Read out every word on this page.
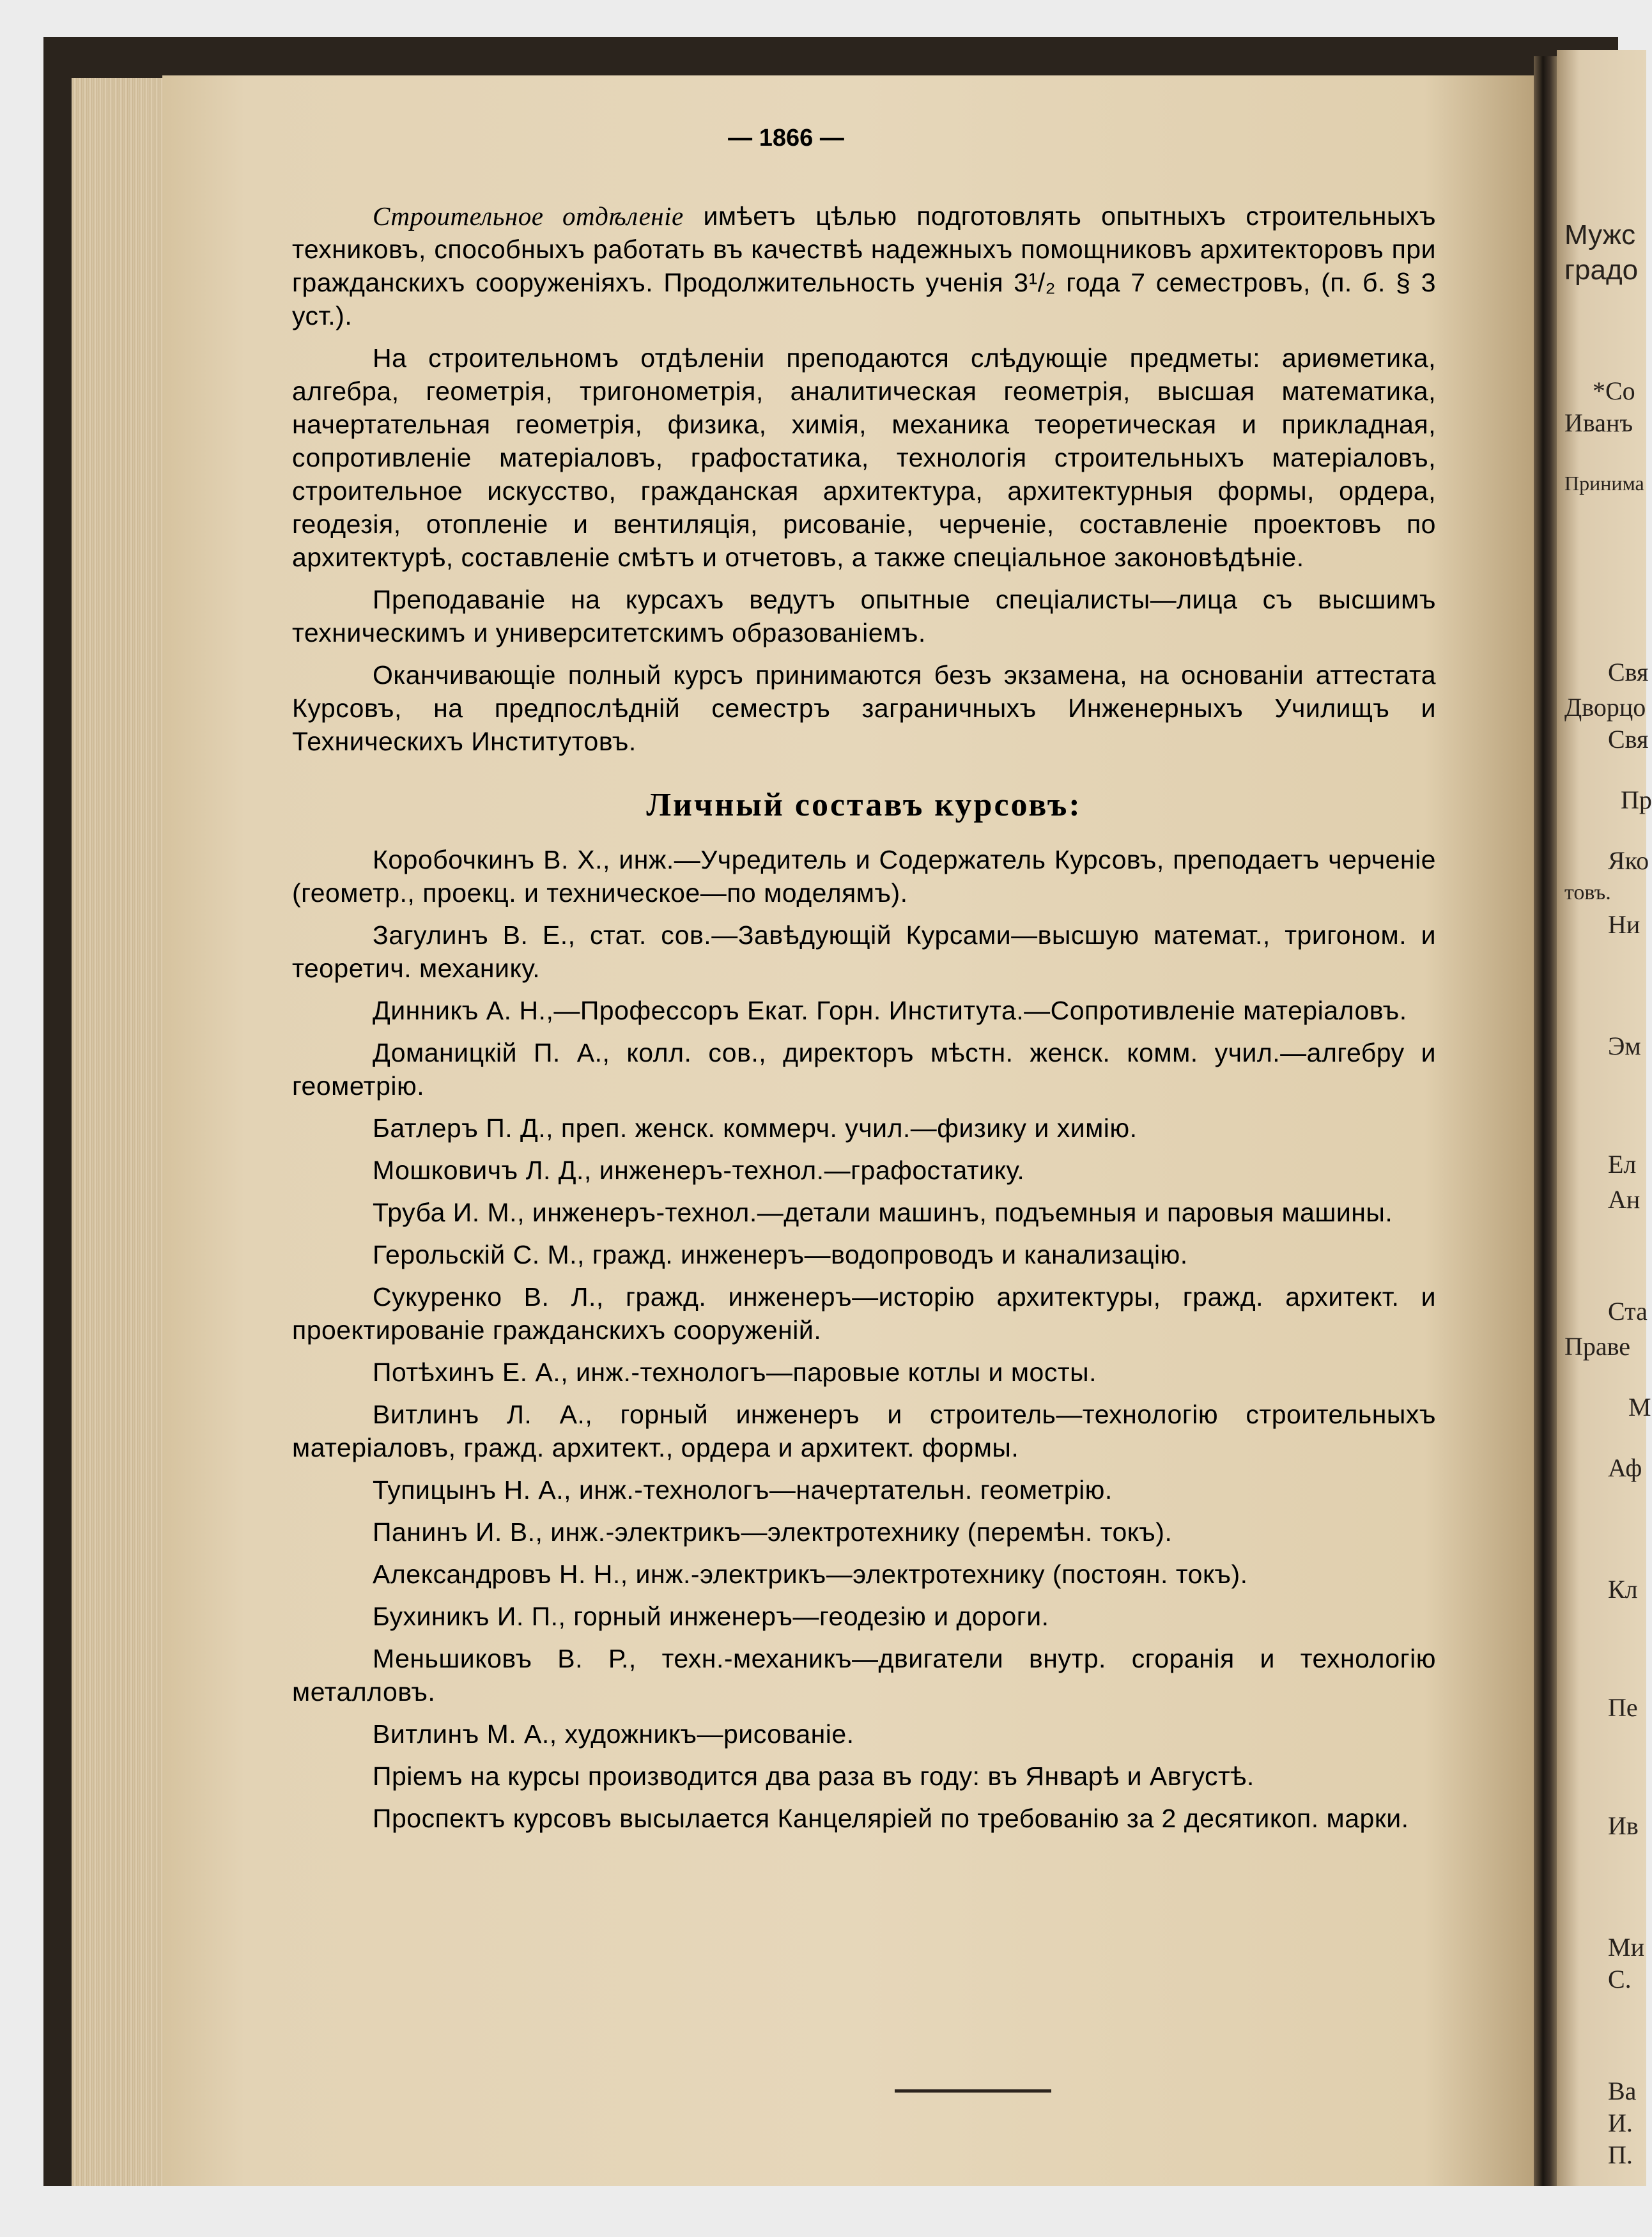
Мужс
градо
*Со
Иванъ
Принима
Свя
Дворцо
Свя
Пр
Яко
товъ.
Ни
Эм
Ел
Ан
Ста
Праве
М
Аф
Кл
Пе
Ив
Ми
С.
Ва
И.
П.
— 1866 —

Строительное отдѣленіе имѣетъ цѣлью подготовлять опытныхъ строительныхъ техниковъ, способныхъ работать въ качествѣ надежныхъ помощниковъ архитекторовъ при гражданскихъ сооруженіяхъ. Продолжительность ученія 3¹/₂ года 7 семестровъ, (п. б. § 3 уст.).

На строительномъ отдѣленіи преподаются слѣдующіе предметы: ариѳметика, алгебра, геометрія, тригонометрія, аналитическая геометрія, высшая математика, начертательная геометрія, физика, химія, механика теоретическая и прикладная, сопротивленіе матеріаловъ, графостатика, технологія строительныхъ матеріаловъ, строительное искусство, гражданская архитектура, архитектурныя формы, ордера, геодезія, отопленіе и вентиляція, рисованіе, черченіе, составленіе проектовъ по архитектурѣ, составленіе смѣтъ и отчетовъ, а также спеціальное законовѣдѣніе.

Преподаваніе на курсахъ ведутъ опытные спеціалисты—лица съ высшимъ техническимъ и университетскимъ образованіемъ.

Оканчивающіе полный курсъ принимаются безъ экзамена, на основаніи аттестата Курсовъ, на предпослѣдній семестръ заграничныхъ Инженерныхъ Училищъ и Техническихъ Институтовъ.

Личный составъ курсовъ:

Коробочкинъ В. Х., инж.—Учредитель и Содержатель Курсовъ, преподаетъ черченіе (геометр., проекц. и техническое—по моделямъ).

Загулинъ В. Е., стат. сов.—Завѣдующій Курсами—высшую математ., тригоном. и теоретич. механику.

Динникъ А. Н.,—Профессоръ Екат. Горн. Института.—Сопротивленіе матеріаловъ.

Доманицкій П. А., колл. сов., директоръ мѣстн. женск. комм. учил.—алгебру и геометрію.

Батлеръ П. Д., преп. женск. коммерч. учил.—физику и химію.

Мошковичъ Л. Д., инженеръ-технол.—графостатику.

Труба И. М., инженеръ-технол.—детали машинъ, подъемныя и паровыя машины.

Герольскій С. М., гражд. инженеръ—водопроводъ и канализацію.

Сукуренко В. Л., гражд. инженеръ—исторію архитектуры, гражд. архитект. и проектированіе гражданскихъ сооруженій.

Потѣхинъ Е. А., инж.-технологъ—паровые котлы и мосты.

Витлинъ Л. А., горный инженеръ и строитель—технологію строительныхъ матеріаловъ, гражд. архитект., ордера и архитект. формы.

Тупицынъ Н. А., инж.-технологъ—начертательн. геометрію.

Панинъ И. В., инж.-электрикъ—электротехнику (перемѣн. токъ).

Александровъ Н. Н., инж.-электрикъ—электротехнику (постоян. токъ).

Бухиникъ И. П., горный инженеръ—геодезію и дороги.

Меньшиковъ В. Р., техн.-механикъ—двигатели внутр. сгоранія и технологію металловъ.

Витлинъ М. А., художникъ—рисованіе.

Пріемъ на курсы производится два раза въ году: въ Январѣ и Августѣ.

Проспектъ курсовъ высылается Канцеляріей по требованію за 2 десятикоп. марки.
